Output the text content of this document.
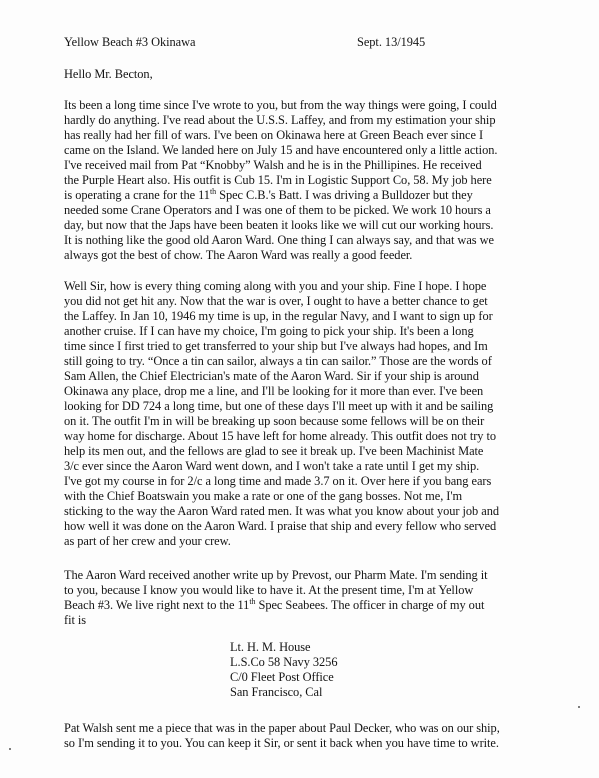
Yellow Beach #3 Okinawa	Sept. 13/1945
Hello Mr. Becton,
Its been a long time since I've wrote to you, but from the way things were going, I could
hardly do anything. I've read about the U.S.S. Laffey, and from my estimation your ship
has really had her fill of wars. I've been on Okinawa here at Green Beach ever since I
came on the Island. We landed here on July 15 and have encountered only a little action.
I've received mail from Pat “Knobby” Walsh and he is in the Phillipines. He received
the Purple Heart also. His outfit is Cub 15. I'm in Logistic Support Co, 58. My job here
is operating a crane for the 11th Spec C.B.'s Batt. I was driving a Bulldozer but they
needed some Crane Operators and I was one of them to be picked. We work 10 hours a
day, but now that the Japs have been beaten it looks like we will cut our working hours.
It is nothing like the good old Aaron Ward. One thing I can always say, and that was we
always got the best of chow. The Aaron Ward was really a good feeder.
Well Sir, how is every thing coming along with you and your ship. Fine I hope. I hope
you did not get hit any. Now that the war is over, I ought to have a better chance to get
the Laffey. In Jan 10, 1946 my time is up, in the regular Navy, and I want to sign up for
another cruise. If I can have my choice, I'm going to pick your ship. It's been a long
time since I first tried to get transferred to your ship but I've always had hopes, and Im
still going to try. “Once a tin can sailor, always a tin can sailor.” Those are the words of
Sam Allen, the Chief Electrician's mate of the Aaron Ward. Sir if your ship is around
Okinawa any place, drop me a line, and I'll be looking for it more than ever. I've been
looking for DD 724 a long time, but one of these days I'll meet up with it and be sailing
on it. The outfit I'm in will be breaking up soon because some fellows will be on their
way home for discharge. About 15 have left for home already. This outfit does not try to
help its men out, and the fellows are glad to see it break up. I've been Machinist Mate
3/c ever since the Aaron Ward went down, and I won't take a rate until I get my ship.
I've got my course in for 2/c a long time and made 3.7 on it. Over here if you bang ears
with the Chief Boatswain you make a rate or one of the gang bosses. Not me, I'm
sticking to the way the Aaron Ward rated men. It was what you know about your job and
how well it was done on the Aaron Ward. I praise that ship and every fellow who served
as part of her crew and your crew.
The Aaron Ward received another write up by Prevost, our Pharm Mate. I'm sending it
to you, because I know you would like to have it. At the present time, I'm at Yellow
Beach #3. We live right next to the 11th Spec Seabees. The officer in charge of my out
fit is
Lt. H. M. House
L.S.Co 58 Navy 3256
C/0 Fleet Post Office
San Francisco, Cal
Pat Walsh sent me a piece that was in the paper about Paul Decker, who was on our ship,
so I'm sending it to you. You can keep it Sir, or sent it back when you have time to write.
